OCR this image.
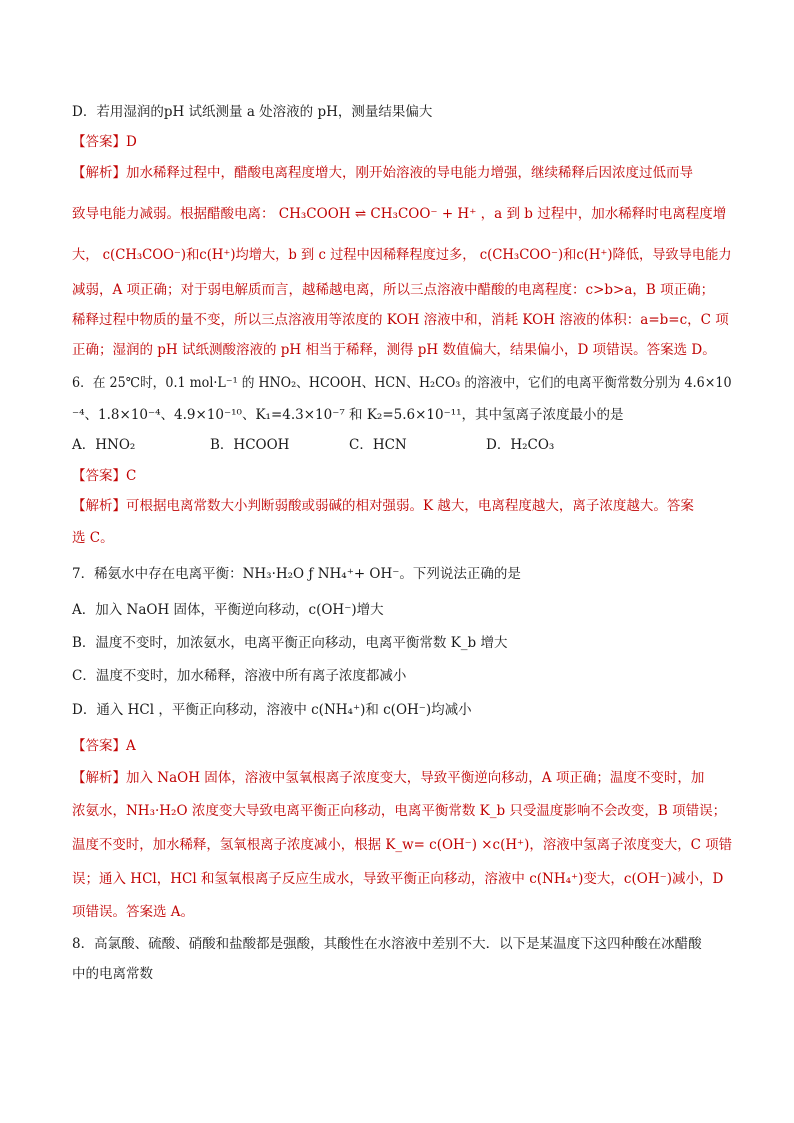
D．若用湿润的pH 试纸测量 a 处溶液的 pH，测量结果偏大
【答案】D
【解析】加水稀释过程中，醋酸电离程度增大，刚开始溶液的导电能力增强，继续稀释后因浓度过低而导
致导电能力减弱。根据醋酸电离： CH₃COOH ⇌ CH₃COO⁻ + H⁺ ，a 到 b 过程中，加水稀释时电离程度增
大， c(CH₃COO⁻)和c(H⁺)均增大，b 到 c 过程中因稀释程度过多， c(CH₃COO⁻)和c(H⁺)降低，导致导电能力
减弱，A 项正确；对于弱电解质而言，越稀越电离，所以三点溶液中醋酸的电离程度：c>b>a，B 项正确；
稀释过程中物质的量不变，所以三点溶液用等浓度的 KOH 溶液中和，消耗 KOH 溶液的体积：a=b=c，C 项
正确；湿润的 pH 试纸测酸溶液的 pH 相当于稀释，测得 pH 数值偏大，结果偏小，D 项错误。答案选 D。
6．在 25℃时，0.1 mol·L⁻¹ 的 HNO₂、HCOOH、HCN、H₂CO₃ 的溶液中，它们的电离平衡常数分别为 4.6×10
⁻⁴、1.8×10⁻⁴、4.9×10⁻¹⁰、K₁=4.3×10⁻⁷ 和 K₂=5.6×10⁻¹¹，其中氢离子浓度最小的是
A．HNO₂	B．HCOOH	C．HCN	D．H₂CO₃
【答案】C
【解析】可根据电离常数大小判断弱酸或弱碱的相对强弱。K 越大，电离程度越大，离子浓度越大。答案
选 C。
7．稀氨水中存在电离平衡：NH₃·H₂O ƒ NH₄⁺+ OH⁻。下列说法正确的是
A．加入 NaOH 固体，平衡逆向移动，c(OH⁻)增大
B．温度不变时，加浓氨水，电离平衡正向移动，电离平衡常数 K_b 增大
C．温度不变时，加水稀释，溶液中所有离子浓度都减小
D．通入 HCl ，平衡正向移动，溶液中 c(NH₄⁺)和 c(OH⁻)均减小
【答案】A
【解析】加入 NaOH 固体，溶液中氢氧根离子浓度变大，导致平衡逆向移动，A 项正确；温度不变时，加
浓氨水，NH₃·H₂O 浓度变大导致电离平衡正向移动，电离平衡常数 K_b 只受温度影响不会改变，B 项错误；
温度不变时，加水稀释，氢氧根离子浓度减小，根据 K_w= c(OH⁻) ×c(H⁺)，溶液中氢离子浓度变大，C 项错
误；通入 HCl，HCl 和氢氧根离子反应生成水，导致平衡正向移动，溶液中 c(NH₄⁺)变大，c(OH⁻)减小，D
项错误。答案选 A。
8．高氯酸、硫酸、硝酸和盐酸都是强酸，其酸性在水溶液中差别不大．以下是某温度下这四种酸在冰醋酸
中的电离常数
